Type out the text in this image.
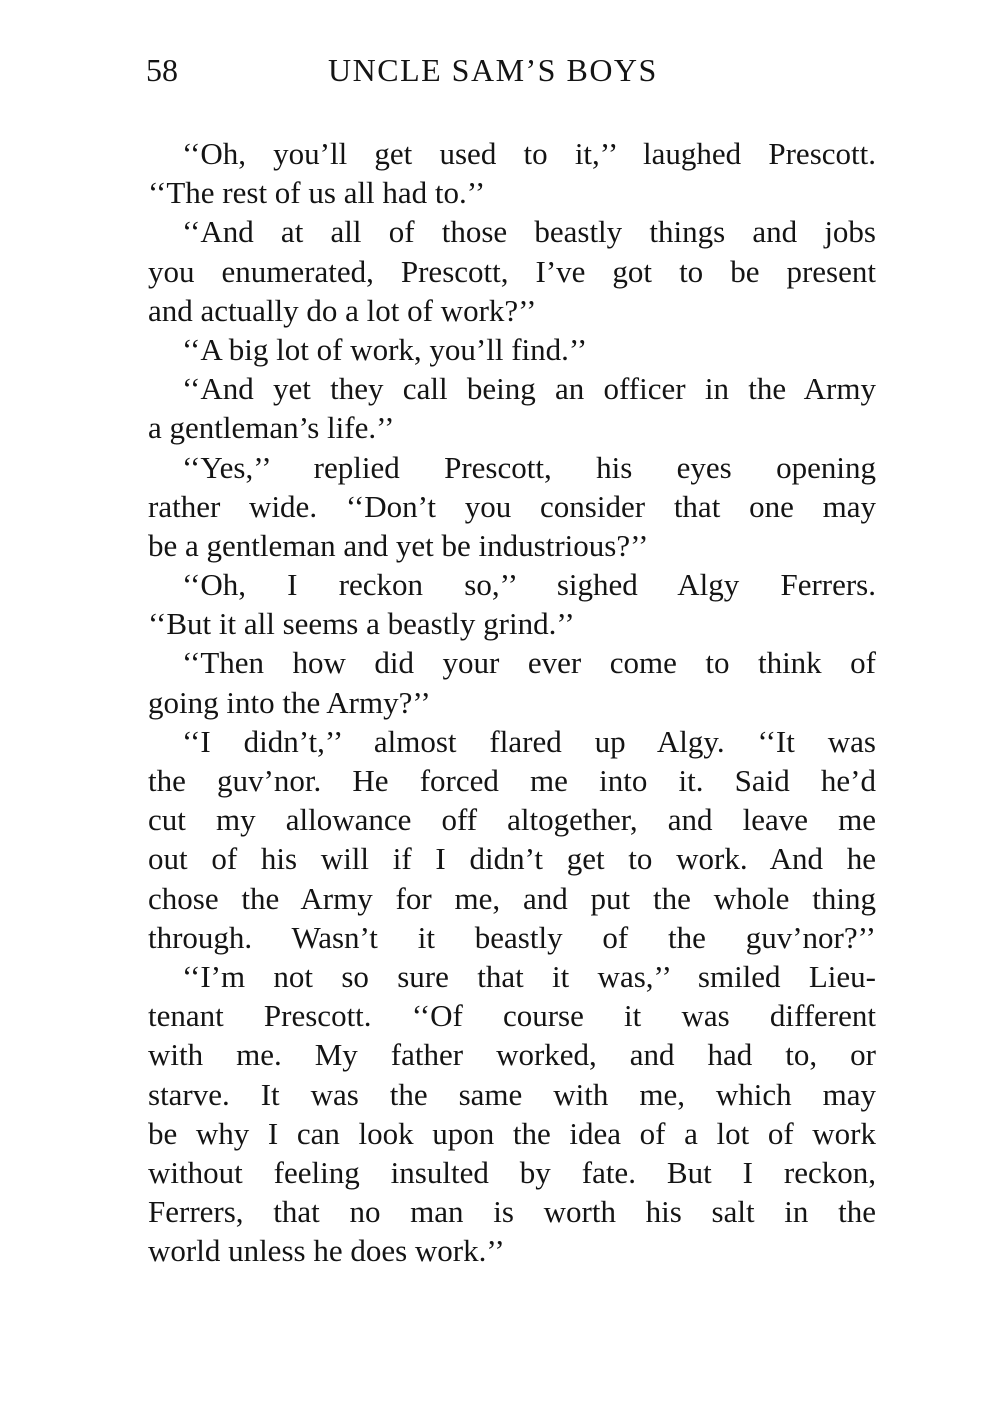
58	UNCLE SAM’S BOYS
‘‘Oh, you’ll get used to it,’’ laughed Prescott.
‘‘The rest of us all had to.’’
‘‘And at all of those beastly things and jobs
you enumerated, Prescott, I’ve got to be present
and actually do a lot of work?’’
‘‘A big lot of work, you’ll find.’’
‘‘And yet they call being an officer in the Army
a gentleman’s life.’’
‘‘Yes,’’ replied Prescott, his eyes opening
rather wide. ‘‘Don’t you consider that one may
be a gentleman and yet be industrious?’’
‘‘Oh, I reckon so,’’ sighed Algy Ferrers.
‘‘But it all seems a beastly grind.’’
‘‘Then how did your ever come to think of
going into the Army?’’
‘‘I didn’t,’’ almost flared up Algy. ‘‘It was
the guv’nor. He forced me into it. Said he’d
cut my allowance off altogether, and leave me
out of his will if I didn’t get to work. And he
chose the Army for me, and put the whole thing
through. Wasn’t it beastly of the guv’nor?’’
‘‘I’m not so sure that it was,’’ smiled Lieu-
tenant Prescott. ‘‘Of course it was different
with me. My father worked, and had to, or
starve. It was the same with me, which may
be why I can look upon the idea of a lot of work
without feeling insulted by fate. But I reckon,
Ferrers, that no man is worth his salt in the
world unless he does work.’’
